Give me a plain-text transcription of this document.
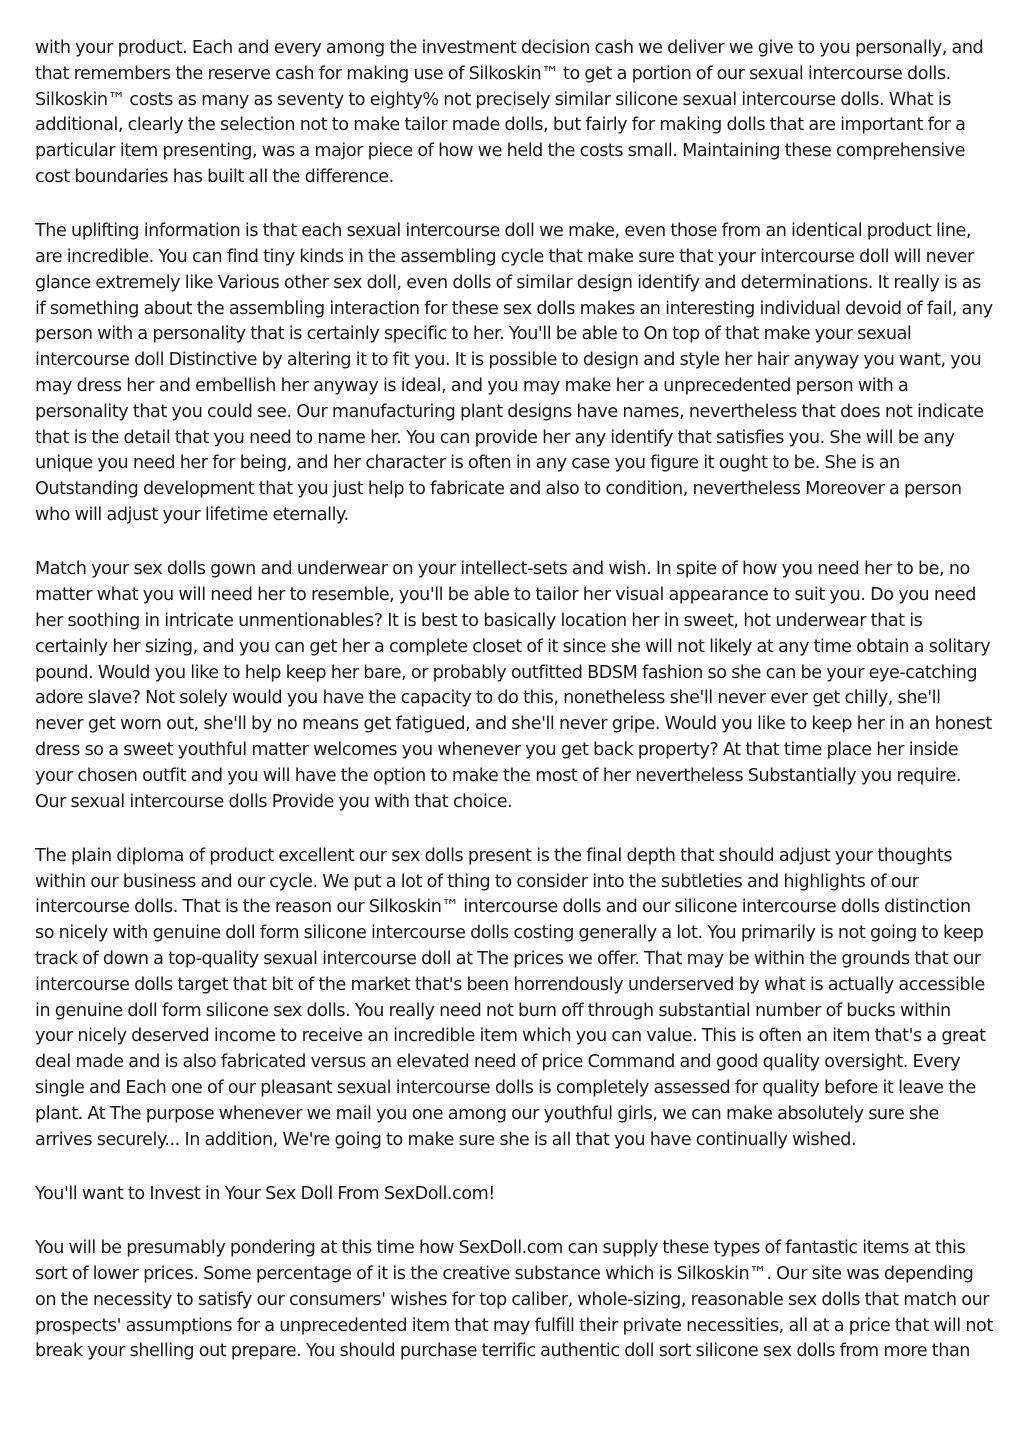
with your product. Each and every among the investment decision cash we deliver we give to you personally, and that remembers the reserve cash for making use of Silkoskin™ to get a portion of our sexual intercourse dolls. Silkoskin™ costs as many as seventy to eighty% not precisely similar silicone sexual intercourse dolls. What is additional, clearly the selection not to make tailor made dolls, but fairly for making dolls that are important for a particular item presenting, was a major piece of how we held the costs small. Maintaining these comprehensive cost boundaries has built all the difference.

The uplifting information is that each sexual intercourse doll we make, even those from an identical product line, are incredible. You can find tiny kinds in the assembling cycle that make sure that your intercourse doll will never glance extremely like Various other sex doll, even dolls of similar design identify and determinations. It really is as if something about the assembling interaction for these sex dolls makes an interesting individual devoid of fail, any person with a personality that is certainly specific to her. You'll be able to On top of that make your sexual intercourse doll Distinctive by altering it to fit you. It is possible to design and style her hair anyway you want, you may dress her and embellish her anyway is ideal, and you may make her a unprecedented person with a personality that you could see. Our manufacturing plant designs have names, nevertheless that does not indicate that is the detail that you need to name her. You can provide her any identify that satisfies you. She will be any unique you need her for being, and her character is often in any case you figure it ought to be. She is an Outstanding development that you just help to fabricate and also to condition, nevertheless Moreover a person who will adjust your lifetime eternally.

Match your sex dolls gown and underwear on your intellect-sets and wish. In spite of how you need her to be, no matter what you will need her to resemble, you'll be able to tailor her visual appearance to suit you. Do you need her soothing in intricate unmentionables? It is best to basically location her in sweet, hot underwear that is certainly her sizing, and you can get her a complete closet of it since she will not likely at any time obtain a solitary pound. Would you like to help keep her bare, or probably outfitted BDSM fashion so she can be your eye-catching adore slave? Not solely would you have the capacity to do this, nonetheless she'll never ever get chilly, she'll never get worn out, she'll by no means get fatigued, and she'll never gripe. Would you like to keep her in an honest dress so a sweet youthful matter welcomes you whenever you get back property? At that time place her inside your chosen outfit and you will have the option to make the most of her nevertheless Substantially you require. Our sexual intercourse dolls Provide you with that choice.

The plain diploma of product excellent our sex dolls present is the final depth that should adjust your thoughts within our business and our cycle. We put a lot of thing to consider into the subtleties and highlights of our intercourse dolls. That is the reason our Silkoskin™ intercourse dolls and our silicone intercourse dolls distinction so nicely with genuine doll form silicone intercourse dolls costing generally a lot. You primarily is not going to keep track of down a top-quality sexual intercourse doll at The prices we offer. That may be within the grounds that our intercourse dolls target that bit of the market that's been horrendously underserved by what is actually accessible in genuine doll form silicone sex dolls. You really need not burn off through substantial number of bucks within your nicely deserved income to receive an incredible item which you can value. This is often an item that's a great deal made and is also fabricated versus an elevated need of price Command and good quality oversight. Every single and Each one of our pleasant sexual intercourse dolls is completely assessed for quality before it leave the plant. At The purpose whenever we mail you one among our youthful girls, we can make absolutely sure she arrives securely... In addition, We're going to make sure she is all that you have continually wished.

You'll want to Invest in Your Sex Doll From SexDoll.com!

You will be presumably pondering at this time how SexDoll.com can supply these types of fantastic items at this sort of lower prices. Some percentage of it is the creative substance which is Silkoskin™. Our site was depending on the necessity to satisfy our consumers' wishes for top caliber, whole-sizing, reasonable sex dolls that match our prospects' assumptions for a unprecedented item that may fulfill their private necessities, all at a price that will not break your shelling out prepare. You should purchase terrific authentic doll sort silicone sex dolls from more than
